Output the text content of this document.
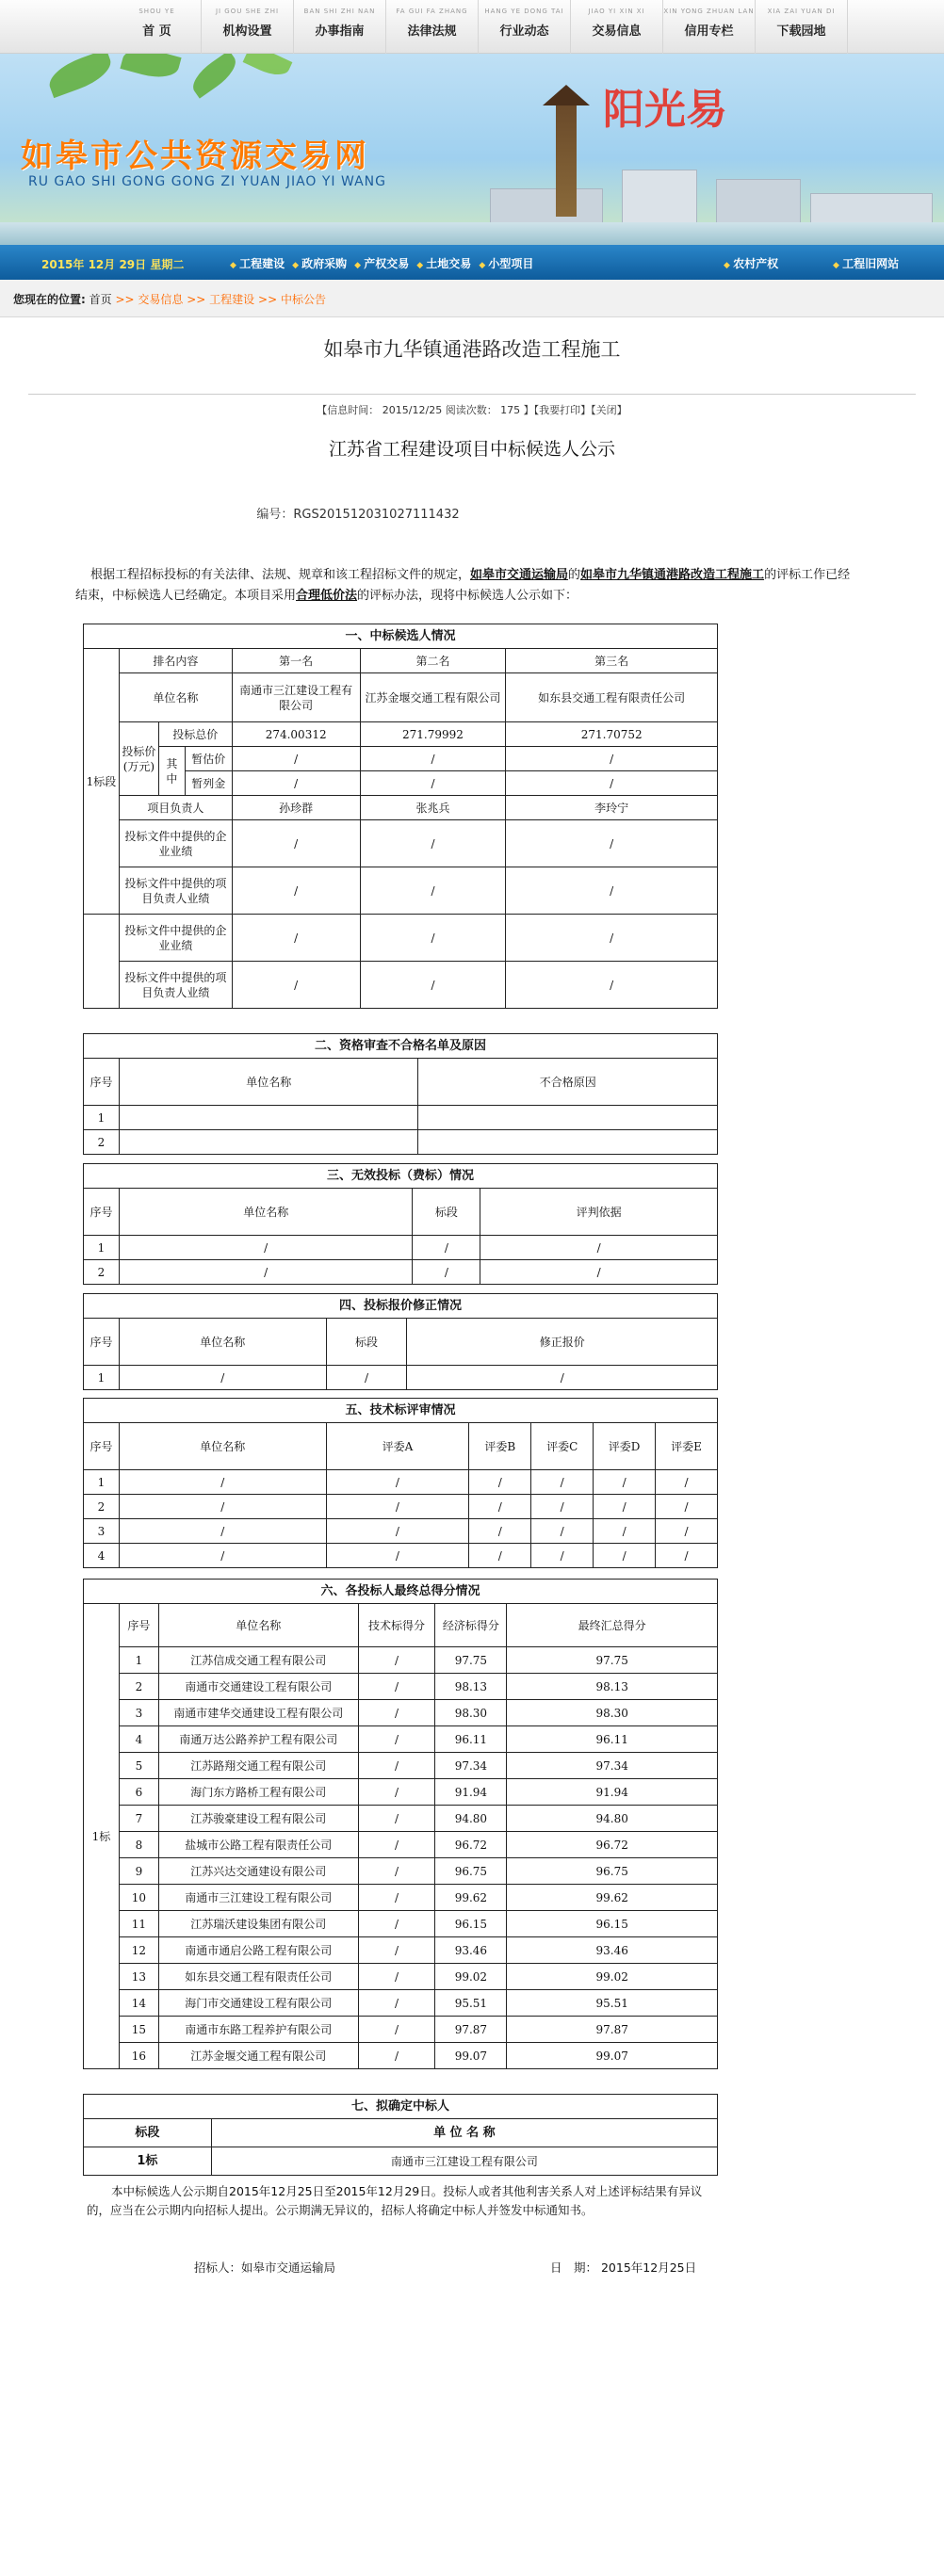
SHOU YE
首 页
JI GOU SHE ZHI
机构设置
BAN SHI ZHI NAN
办事指南
FA GUI FA ZHANG
法律法规
HANG YE DONG TAI
行业动态
JIAO YI XIN XI
交易信息
XIN YONG ZHUAN LAN
信用专栏
XIA ZAI YUAN DI
下载园地
如皋市公共资源交易网
RU GAO SHI GONG GONG ZI YUAN JIAO YI WANG
阳光易
2015年 12月 29日 星期二	◆ 工程建设	◆ 政府采购	◆ 产权交易	◆ 土地交易	◆ 小型项目	◆ 农村产权	◆ 工程旧网站
您现在的位置: 首页 >> 交易信息 >> 工程建设 >> 中标公告
如皋市九华镇通港路改造工程施工
【信息时间： 2015/12/25 阅读次数： 175 】【我要打印】【关闭】
江苏省工程建设项目中标候选人公示
编号：RGS20151203102711143​2
根据工程招标投标的有关法律、法规、规章和该工程招标文件的规定，如皋市交通运输局的如皋市九华镇通港路改造工程施工的评标工作已经结束，中标候选人已经确定。本项目采用合理低价法的评标办法，现将中标候选人公示如下：
一、中标候选人情况						
1标段	排名内容			第一名	第二名	第三名
	单位名称			南通市三江建设工程有限公司	江苏金堰交通工程有限公司	如东县交通工程有限责任公司
	投标价(万元)	投标总价		274.00312	271.79992	271.70752
		其中	暂估价	/	/	/
			暂列金	/	/	/
	项目负责人			孙珍群	张兆兵	李玲宁
	投标文件中提供的企业业绩			/	/	/
	投标文件中提供的项目负责人业绩			/	/	/

	投标文件中提供的企业业绩			/	/	/
	投标文件中提供的项目负责人业绩			/	/	/
二、资格审查不合格名单及原因		
序号	单位名称	不合格原因
1		
2		
三、无效投标（费标）情况			
序号	单位名称	标段	评判依据
1	/	/	/
2	/	/	/
四、投标报价修正情况			
序号	单位名称	标段	修正报价
1	/	/	/
五、技术标评审情况						
序号	单位名称	评委A	评委B	评委C	评委D	评委E
1	/	/	/	/	/	/
2	/	/	/	/	/	/
3	/	/	/	/	/	/
4	/	/	/	/	/	/
六、各投标人最终总得分情况					
1标	序号	单位名称	技术标得分	经济标得分	最终汇总得分
	1	江苏信成交通工程有限公司	/	97.75	97.75
	2	南通市交通建设工程有限公司	/	98.13	98.13
	3	南通市建华交通建设工程有限公司	/	98.30	98.30
	4	南通万达公路养护工程有限公司	/	96.11	96.11
	5	江苏路翔交通工程有限公司	/	97.34	97.34
	6	海门东方路桥工程有限公司	/	91.94	91.94
	7	江苏骏豪建设工程有限公司	/	94.80	94.80
	8	盐城市公路工程有限责任公司	/	96.72	96.72
	9	江苏兴达交通建设有限公司	/	96.75	96.75
	10	南通市三江建设工程有限公司	/	99.62	99.62
	11	江苏瑞沃建设集团有限公司	/	96.15	96.15
	12	南通市通启公路工程有限公司	/	93.46	93.46
	13	如东县交通工程有限责任公司	/	99.02	99.02
	14	海门市交通建设工程有限公司	/	95.51	95.51
	15	南通市东路工程养护有限公司	/	97.87	97.87
	16	江苏金堰交通工程有限公司	/	99.07	99.07
七、拟确定中标人	
标段	单 位 名 称
1标	南通市三江建设工程有限公司
本中标候选人公示期自2015年12月25日至2015年12月29日。投标人或者其他利害关系人对上述评标结果有异议的，应当在公示期内向招标人提出。公示期满无异议的，招标人将确定中标人并签发中标通知书。
招标人：如皋市交通运输局	日　期： 2015年12月25日
